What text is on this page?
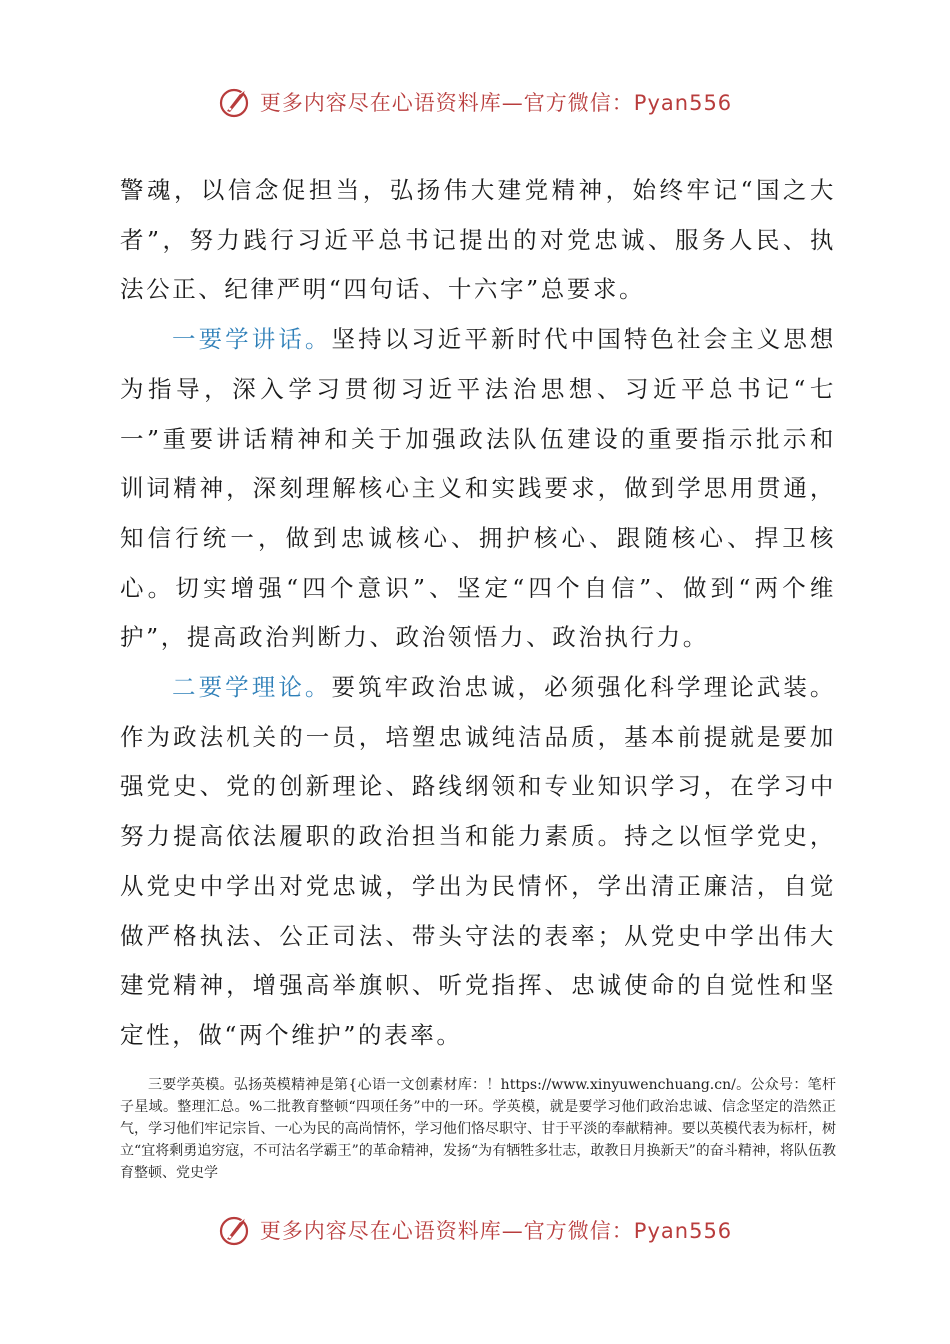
更多内容尽在心语资料库—官方微信：Pyan556

警魂，以信念促担当，弘扬伟大建党精神，始终牢记“国之大者”，努力践行习近平总书记提出的对党忠诚、服务人民、执法公正、纪律严明“四句话、十六字”总要求。

一要学讲话。坚持以习近平新时代中国特色社会主义思想为指导，深入学习贯彻习近平法治思想、习近平总书记“七一”重要讲话精神和关于加强政法队伍建设的重要指示批示和训词精神，深刻理解核心主义和实践要求，做到学思用贯通，知信行统一，做到忠诚核心、拥护核心、跟随核心、捍卫核心。切实增强“四个意识”、坚定“四个自信”、做到“两个维护”，提高政治判断力、政治领悟力、政治执行力。

二要学理论。要筑牢政治忠诚，必须强化科学理论武装。作为政法机关的一员，培塑忠诚纯洁品质，基本前提就是要加强党史、党的创新理论、路线纲领和专业知识学习，在学习中努力提高依法履职的政治担当和能力素质。持之以恒学党史，从党史中学出对党忠诚，学出为民情怀，学出清正廉洁，自觉做严格执法、公正司法、带头守法的表率；从党史中学出伟大建党精神，增强高举旗帜、听党指挥、忠诚使命的自觉性和坚定性，做“两个维护”的表率。

三要学英模。弘扬英模精神是第{心语一文创素材库：！https://www.xinyuwenchuang.cn/。公众号：笔杆子星域。整理汇总。%二批教育整顿“四项任务”中的一环。学英模，就是要学习他们政治忠诚、信念坚定的浩然正气，学习他们牢记宗旨、一心为民的高尚情怀，学习他们恪尽职守、甘于平淡的奉献精神。要以英模代表为标杆，树立“宜将剩勇追穷寇，不可沽名学霸王”的革命精神，发扬“为有牺牲多壮志，敢教日月换新天”的奋斗精神，将队伍教育整顿、党史学

更多内容尽在心语资料库—官方微信：Pyan556
